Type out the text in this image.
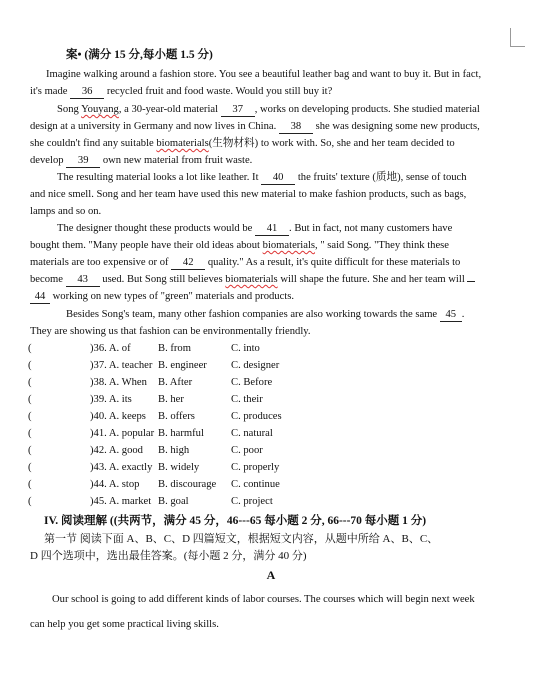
案• (满分 15 分,每小题 1.5 分)
Imagine walking around a fashion store. You see a beautiful leather bag and want to buy it. But in fact,
it's made 36 recycled fruit and food waste. Would you still buy it?
Song Youyang, a 30-year-old material 37 , works on developing products. She studied material
design at a university in Germany and now lives in China. 38 she was designing some new products,
she couldn't find any suitable biomaterials(生物材料) to work with. So, she and her team decided to
develop 39 own new material from fruit waste.
The resulting material looks a lot like leather. It 40 the fruits' texture (质地), sense of touch
and nice smell. Song and her team have used this new material to make fashion products, such as bags,
lamps and so on.
The designer thought these products would be 41 . But in fact, not many customers have
bought them. "Many people have their old ideas about biomaterials, " said Song. "They think these
materials are too expensive or of 42 quality." As a result, it's quite difficult for these materials to
become 43 used. But Song still believes biomaterials will shape the future. She and her team will
44 working on new types of "green" materials and products.
Besides Song's team, many other fashion companies are also working towards the same 45 .
They are showing us that fashion can be environmentally friendly.
(	)36. A. of	B. from	C. into
(	)37. A. teacher	B. engineer	C. designer
(	)38. A. When	B. After	C. Before
(	)39. A. its	B. her	C. their
(	)40. A. keeps	B. offers	C. produces
(	)41. A. popular	B. harmful	C. natural
(	)42. A. good	B. high	C. poor
(	)43. A. exactly	B. widely	C. properly
(	)44. A. stop	B. discourage	C. continue
(	)45. A. market	B. goal	C. project
IV. 阅读理解 ((共两节，满分 45 分，46---65 每小题 2 分, 66---70 每小题 1 分)
第一节 阅读下面 A、B、C、D 四篇短文，根据短文内容，从题中所给 A、B、C、
D 四个选项中，选出最佳答案。(每小题 2 分，满分 40 分)
A
Our school is going to add different kinds of labor courses. The courses which will begin next week
can help you get some practical living skills.
